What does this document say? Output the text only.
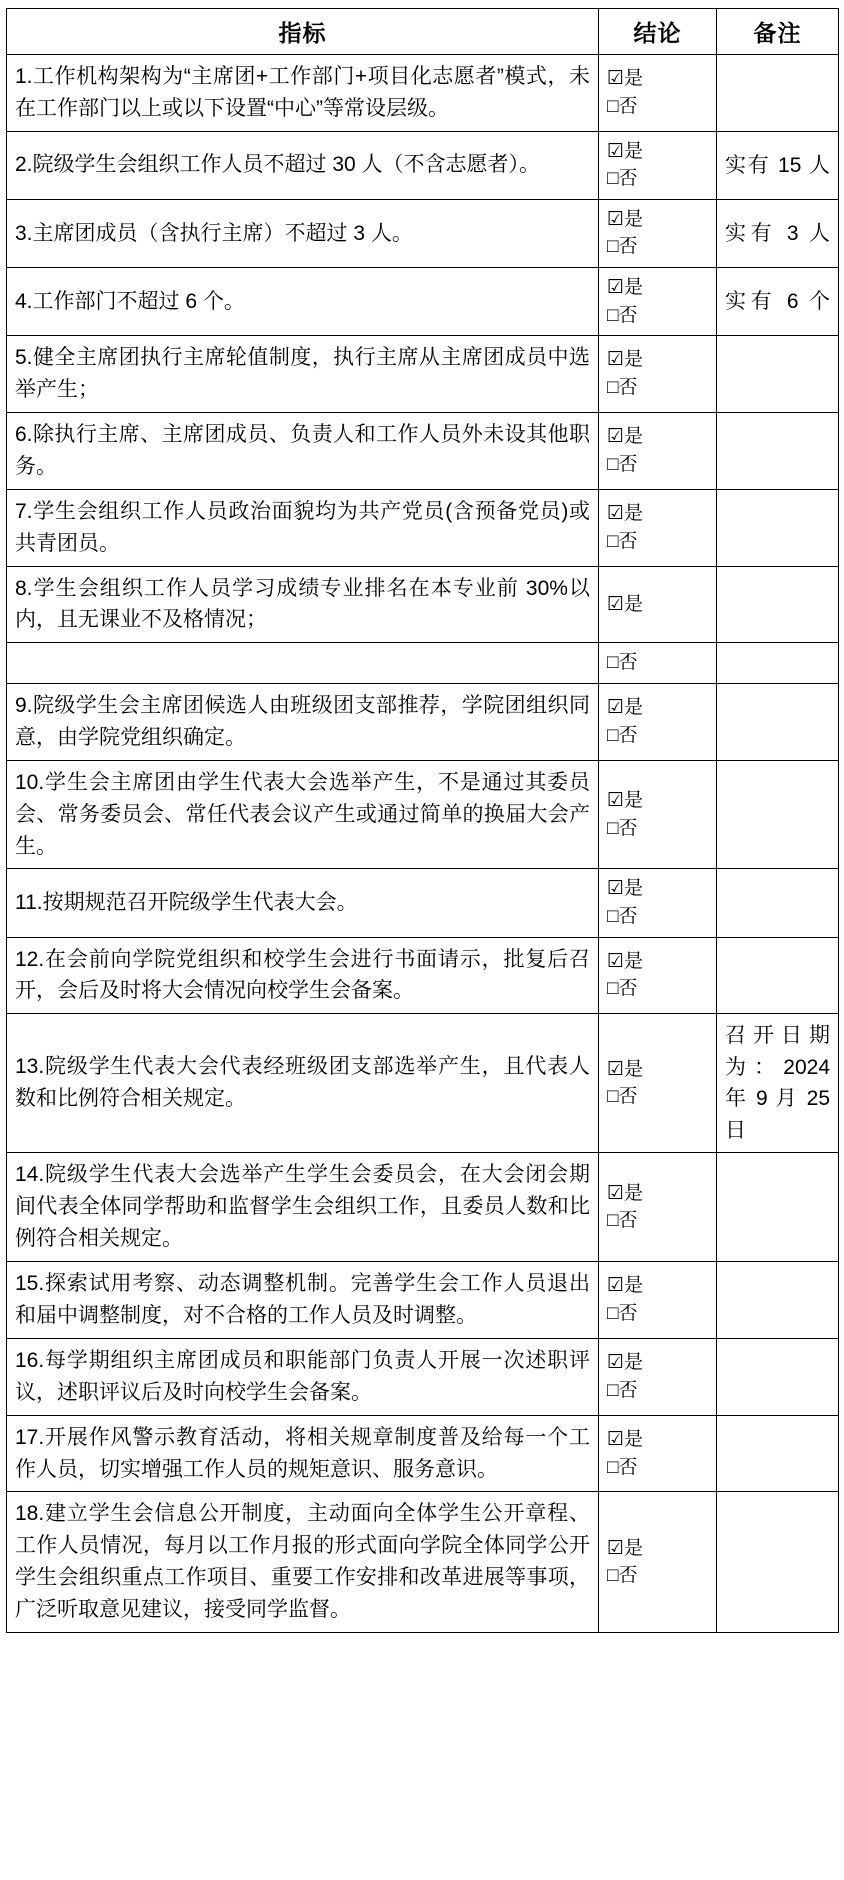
指标	结论	备注
1.工作机构架构为“主席团+工作部门+项目化志愿者”模式，未在工作部门以上或以下设置“中心”等常设层级。	☑是
□否	

2.院级学生会组织工作人员不超过 30 人（不含志愿者）。	☑是
□否	实有 15 人
3.主席团成员（含执行主席）不超过 3 人。	☑是
□否	实有 3 人
4.工作部门不超过 6 个。	☑是
□否	实有 6 个
5.健全主席团执行主席轮值制度，执行主席从主席团成员中选举产生；	☑是
□否	

6.除执行主席、主席团成员、负责人和工作人员外未设其他职务。	☑是
□否	

7.学生会组织工作人员政治面貌均为共产党员(含预备党员)或共青团员。	☑是
□否	

8.学生会组织工作人员学习成绩专业排名在本专业前 30%以内，且无课业不及格情况；	☑是	

	□否	

9.院级学生会主席团候选人由班级团支部推荐，学院团组织同意，由学院党组织确定。	☑是
□否	

10.学生会主席团由学生代表大会选举产生，不是通过其委员会、常务委员会、常任代表会议产生或通过简单的换届大会产生。	☑是
□否	

11.按期规范召开院级学生代表大会。	☑是
□否	

12.在会前向学院党组织和校学生会进行书面请示，批复后召开，会后及时将大会情况向校学生会备案。	☑是
□否	

13.院级学生代表大会代表经班级团支部选举产生，且代表人数和比例符合相关规定。	☑是
□否	召开日期为：2024 年 9 月 25 日
14.院级学生代表大会选举产生学生会委员会，在大会闭会期间代表全体同学帮助和监督学生会组织工作，且委员人数和比例符合相关规定。	☑是
□否	

15.探索试用考察、动态调整机制。完善学生会工作人员退出和届中调整制度，对不合格的工作人员及时调整。	☑是
□否	

16.每学期组织主席团成员和职能部门负责人开展一次述职评议，述职评议后及时向校学生会备案。	☑是
□否	

17.开展作风警示教育活动，将相关规章制度普及给每一个工作人员，切实增强工作人员的规矩意识、服务意识。	☑是
□否	

18.建立学生会信息公开制度，主动面向全体学生公开章程、工作人员情况，每月以工作月报的形式面向学院全体同学公开学生会组织重点工作项目、重要工作安排和改革进展等事项，广泛听取意见建议，接受同学监督。	☑是
□否	
